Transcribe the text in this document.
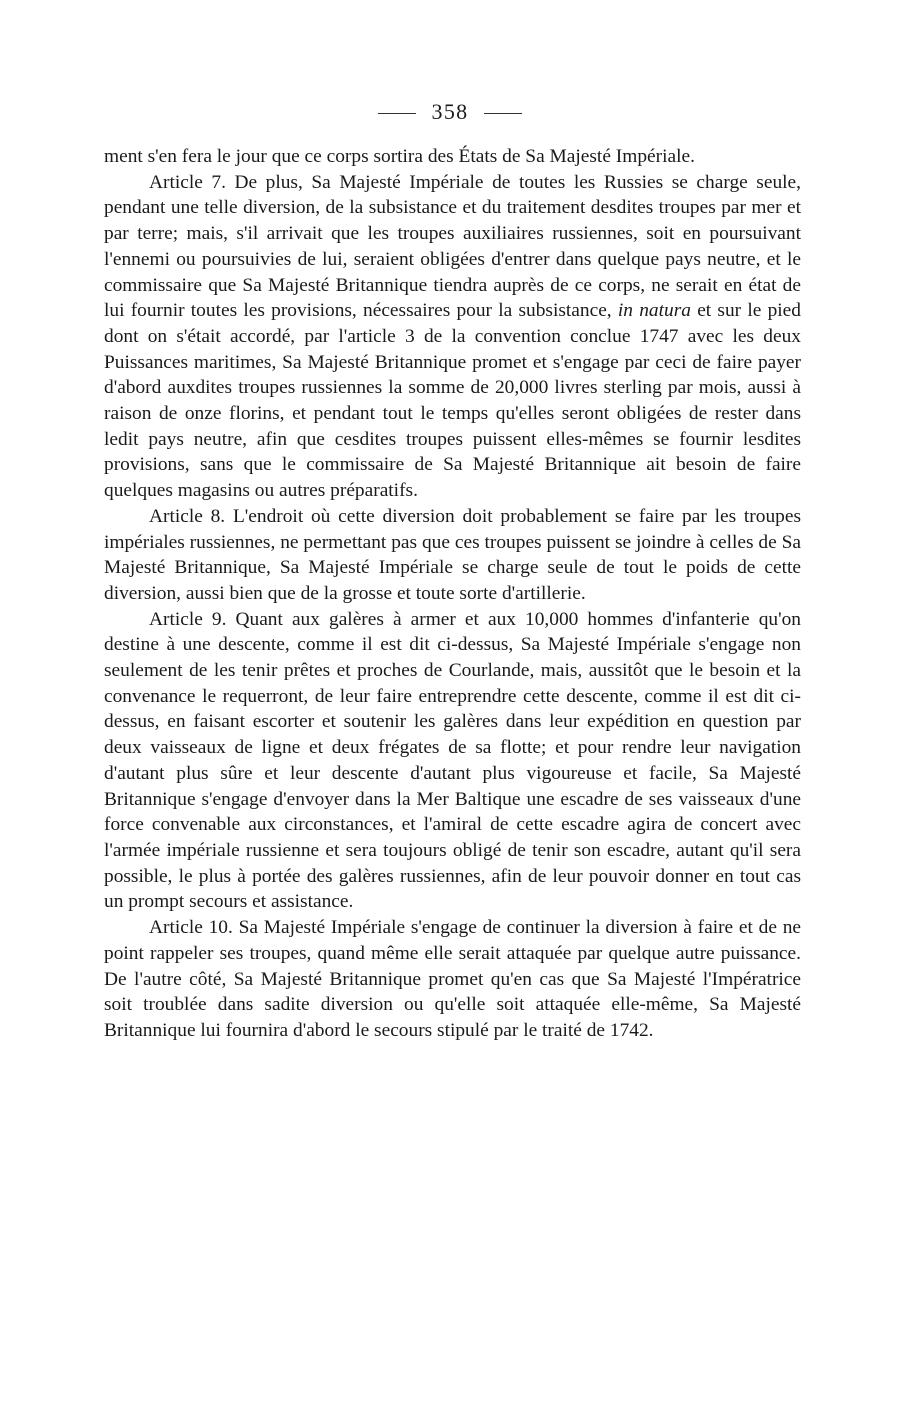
358

ment s'en fera le jour que ce corps sortira des États de Sa Majesté Impériale.

Article 7. De plus, Sa Majesté Impériale de toutes les Russies se charge seule, pendant une telle diversion, de la subsistance et du traitement desdites troupes par mer et par terre; mais, s'il arrivait que les troupes auxiliaires russiennes, soit en poursuivant l'ennemi ou poursuivies de lui, seraient obligées d'entrer dans quelque pays neutre, et le commissaire que Sa Majesté Britannique tiendra auprès de ce corps, ne serait en état de lui fournir toutes les provisions, nécessaires pour la subsistance, in natura et sur le pied dont on s'était accordé, par l'article 3 de la convention conclue 1747 avec les deux Puissances maritimes, Sa Majesté Britannique promet et s'engage par ceci de faire payer d'abord auxdites troupes russiennes la somme de 20,000 livres sterling par mois, aussi à raison de onze florins, et pendant tout le temps qu'elles seront obligées de rester dans ledit pays neutre, afin que cesdites troupes puissent elles-mêmes se fournir lesdites provisions, sans que le commissaire de Sa Majesté Britannique ait besoin de faire quelques magasins ou autres préparatifs.

Article 8. L'endroit où cette diversion doit probablement se faire par les troupes impériales russiennes, ne permettant pas que ces troupes puissent se joindre à celles de Sa Majesté Britannique, Sa Majesté Impériale se charge seule de tout le poids de cette diversion, aussi bien que de la grosse et toute sorte d'artillerie.

Article 9. Quant aux galères à armer et aux 10,000 hommes d'infanterie qu'on destine à une descente, comme il est dit ci-dessus, Sa Majesté Impériale s'engage non seulement de les tenir prêtes et proches de Courlande, mais, aussitôt que le besoin et la convenance le requerront, de leur faire entreprendre cette descente, comme il est dit ci-dessus, en faisant escorter et soutenir les galères dans leur expédition en question par deux vaisseaux de ligne et deux frégates de sa flotte; et pour rendre leur navigation d'autant plus sûre et leur descente d'autant plus vigoureuse et facile, Sa Majesté Britannique s'engage d'envoyer dans la Mer Baltique une escadre de ses vaisseaux d'une force convenable aux circonstances, et l'amiral de cette escadre agira de concert avec l'armée impériale russienne et sera toujours obligé de tenir son escadre, autant qu'il sera possible, le plus à portée des galères russiennes, afin de leur pouvoir donner en tout cas un prompt secours et assistance.

Article 10. Sa Majesté Impériale s'engage de continuer la diversion à faire et de ne point rappeler ses troupes, quand même elle serait attaquée par quelque autre puissance. De l'autre côté, Sa Majesté Britannique promet qu'en cas que Sa Majesté l'Impératrice soit troublée dans sadite diversion ou qu'elle soit attaquée elle-même, Sa Majesté Britannique lui fournira d'abord le secours stipulé par le traité de 1742.
